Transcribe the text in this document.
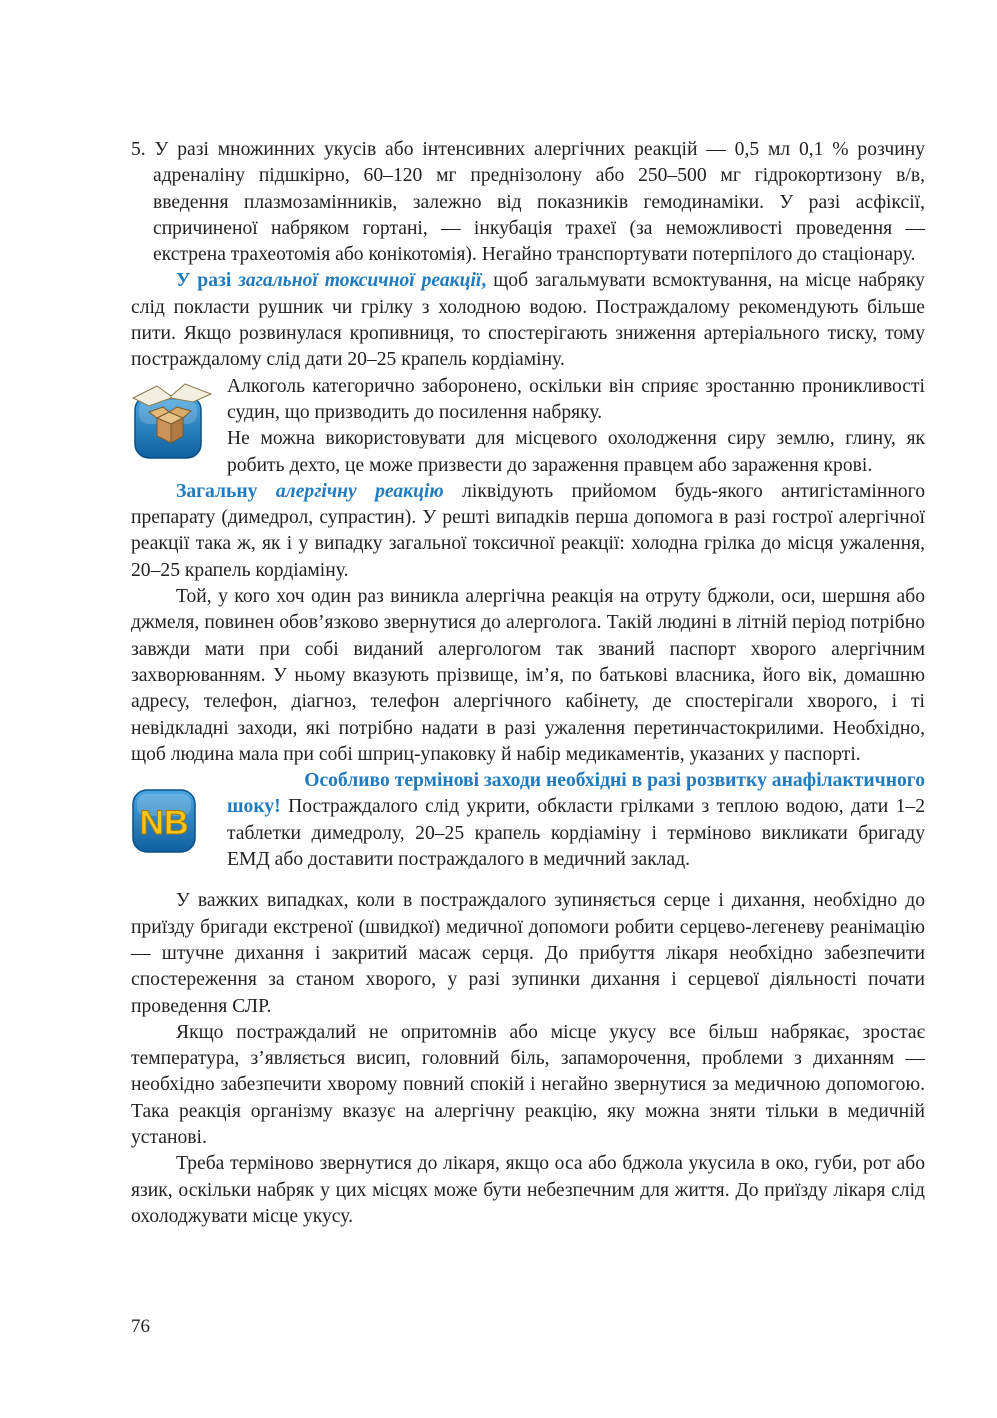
5. У разі множинних укусів або інтенсивних алергічних реакцій — 0,5 мл 0,1 % розчину адреналіну підшкірно, 60–120 мг преднізолону або 250–500 мг гідрокортизону в/в, введення плазмозамінників, залежно від показників гемодинаміки. У разі асфіксії, спричиненої набряком гортані, — інкубація трахеї (за неможливості проведення — екстрена трахеотомія або конікотомія). Негайно транспортувати потерпілого до стаціонару.

У разі загальної токсичної реакції, щоб загальмувати всмоктування, на місце набряку слід покласти рушник чи грілку з холодною водою. Постраждалому рекомендують більше пити. Якщо розвинулася кропивниця, то спостерігають зниження артеріального тиску, тому постраждалому слід дати 20–25 крапель кордіаміну.

Алкоголь категорично заборонено, оскільки він сприяє зростанню проникливості судин, що призводить до посилення набряку.

Не можна використовувати для місцевого охолодження сиру землю, глину, як робить дехто, це може призвести до зараження правцем або зараження крові.

Загальну алергічну реакцію ліквідують прийомом будь-якого антигістамінного препарату (димедрол, супрастин). У решті випадків перша допомога в разі гострої алергічної реакції така ж, як і у випадку загальної токсичної реакції: холодна грілка до місця ужалення, 20–25 крапель кордіаміну.

Той, у кого хоч один раз виникла алергічна реакція на отруту бджоли, оси, шершня або джмеля, повинен обов’язково звернутися до алерголога. Такій людині в літній період потрібно завжди мати при собі виданий алергологом так званий паспорт хворого алергічним захворюванням. У ньому вказують прізвище, ім’я, по батькові власника, його вік, домашню адресу, телефон, діагноз, телефон алергічного кабінету, де спостерігали хворого, і ті невідкладні заходи, які потрібно надати в разі ужалення перетинчастокрилими. Необхідно, щоб людина мала при собі шприц-упаковку й набір медикаментів, указаних у паспорті.

NB

Особливо термінові заходи необхідні в разі розвитку анафілактичного
шоку! Постраждалого слід укрити, обкласти грілками з теплою водою, дати 1–2 таблетки димедролу, 20–25 крапель кордіаміну і терміново викликати бригаду ЕМД або доставити постраждалого в медичний заклад.

У важких випадках, коли в постраждалого зупиняється серце і дихання, необхідно до приїзду бригади екстреної (швидкої) медичної допомоги робити серцево-легеневу реанімацію — штучне дихання і закритий масаж серця. До прибуття лікаря необхідно забезпечити спостереження за станом хворого, у разі зупинки дихання і серцевої діяльності почати проведення СЛР.

Якщо постраждалий не опритомнів або місце укусу все більш набрякає, зростає температура, з’являється висип, головний біль, запаморочення, проблеми з диханням — необхідно забезпечити хворому повний спокій і негайно звернутися за медичною допомогою. Така реакція організму вказує на алергічну реакцію, яку можна зняти тільки в медичній установі.

Треба терміново звернутися до лікаря, якщо оса або бджола укусила в око, губи, рот або язик, оскільки набряк у цих місцях може бути небезпечним для життя. До приїзду лікаря слід охолоджувати місце укусу.

76
